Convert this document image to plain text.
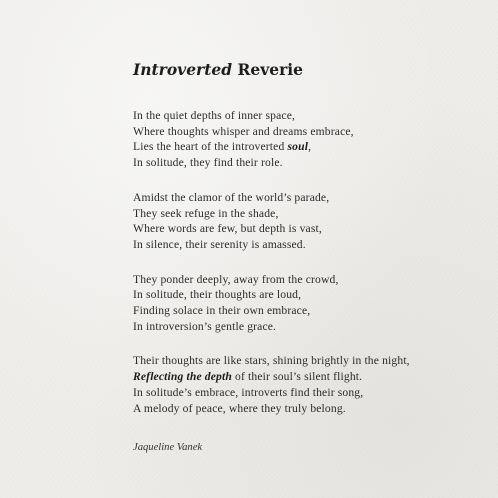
Introverted Reverie
In the quiet depths of inner space,
Where thoughts whisper and dreams embrace,
Lies the heart of the introverted soul,
In solitude, they find their role.
Amidst the clamor of the world’s parade,
They seek refuge in the shade,
Where words are few, but depth is vast,
In silence, their serenity is amassed.
They ponder deeply, away from the crowd,
In solitude, their thoughts are loud,
Finding solace in their own embrace,
In introversion’s gentle grace.
Their thoughts are like stars, shining brightly in the night,
Reflecting the depth of their soul’s silent flight.
In solitude’s embrace, introverts find their song,
A melody of peace, where they truly belong.
Jaqueline Vanek
